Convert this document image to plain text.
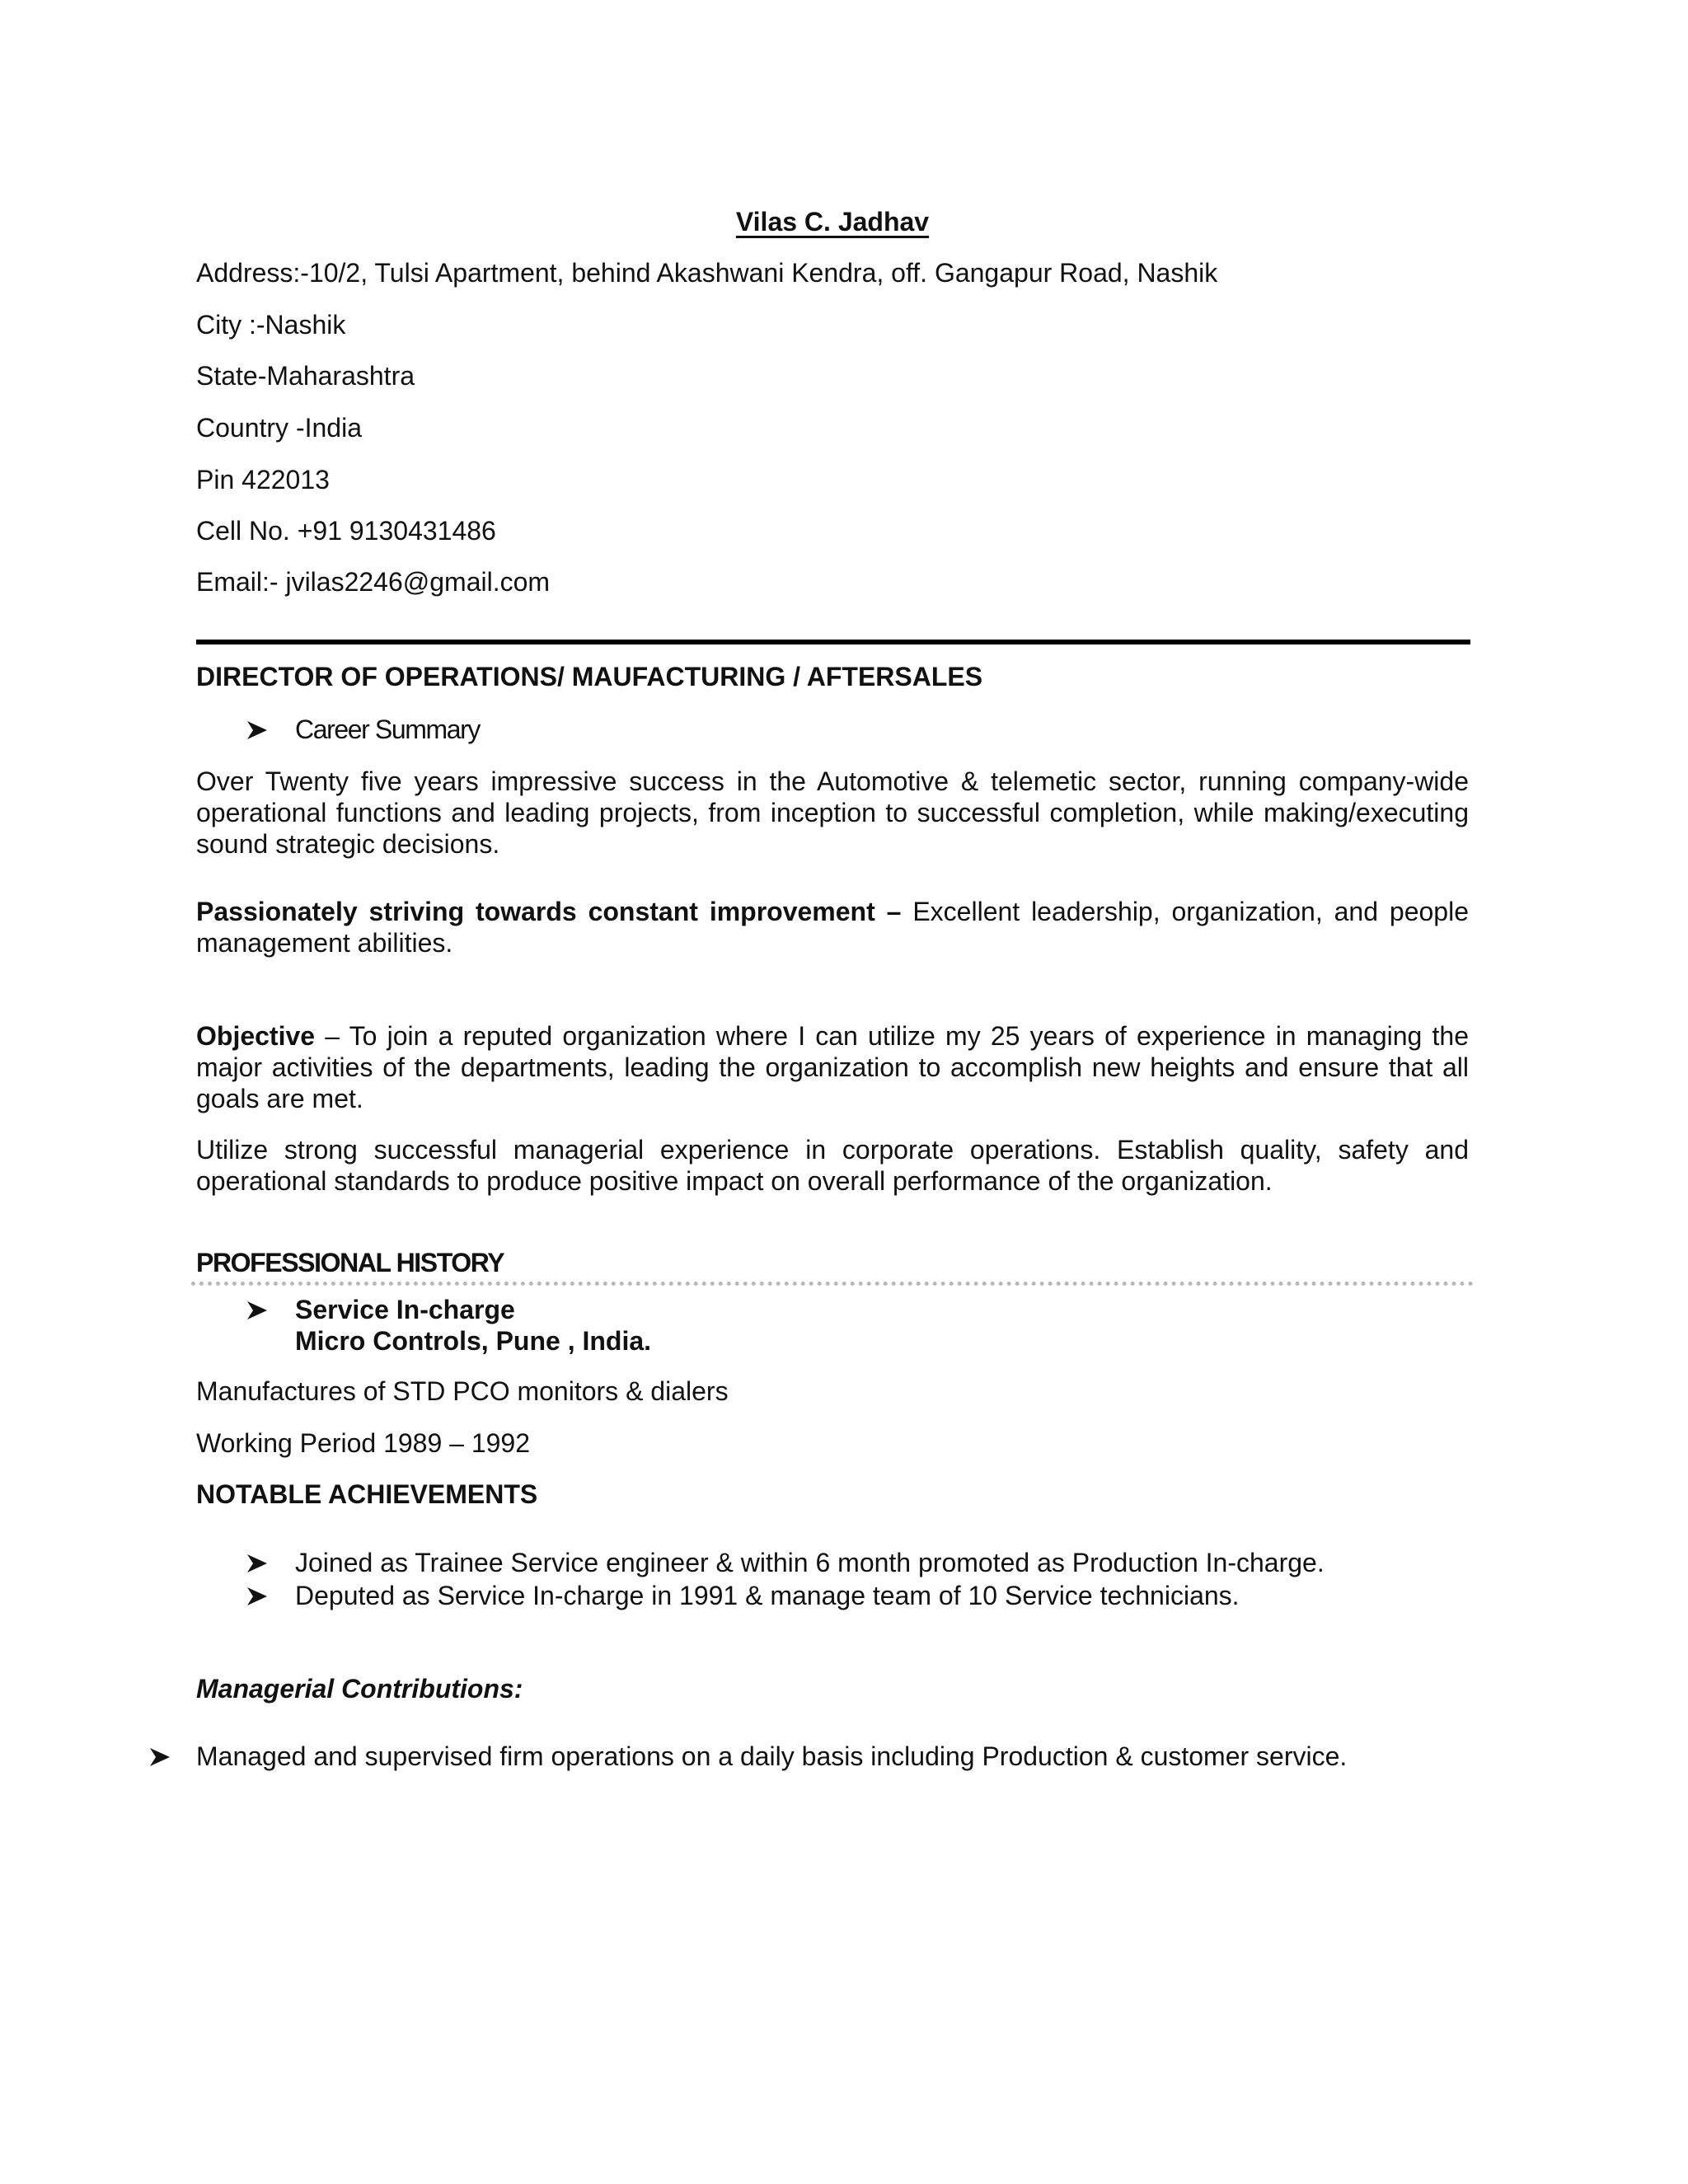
Vilas C. Jadhav
Address:-10/2, Tulsi Apartment, behind Akashwani Kendra, off. Gangapur Road, Nashik
City :-Nashik
State-Maharashtra
Country -India
Pin 422013
Cell No. +91 9130431486
Email:- jvilas2246@gmail.com
DIRECTOR OF OPERATIONS/ MAUFACTURING / AFTERSALES
Career Summary
Over Twenty five years impressive success in the Automotive & telemetic sector, running company-wide operational functions and leading projects, from inception to successful completion, while making/executing sound strategic decisions.
Passionately striving towards constant improvement – Excellent leadership, organization, and people management abilities.
Objective – To join a reputed organization where I can utilize my 25 years of experience in managing the major activities of the departments, leading the organization to accomplish new heights and ensure that all goals are met.
Utilize strong successful managerial experience in corporate operations. Establish quality, safety and operational standards to produce positive impact on overall performance of the organization.
PROFESSIONAL HISTORY
Service In-charge
Micro Controls, Pune , India.
Manufactures of STD PCO monitors & dialers
Working Period 1989 – 1992
NOTABLE ACHIEVEMENTS
Joined as Trainee Service engineer & within 6 month promoted as Production In-charge.
Deputed as Service In-charge in 1991 & manage team of 10 Service technicians.
Managerial Contributions:
Managed and supervised firm operations on a daily basis including Production & customer service.
